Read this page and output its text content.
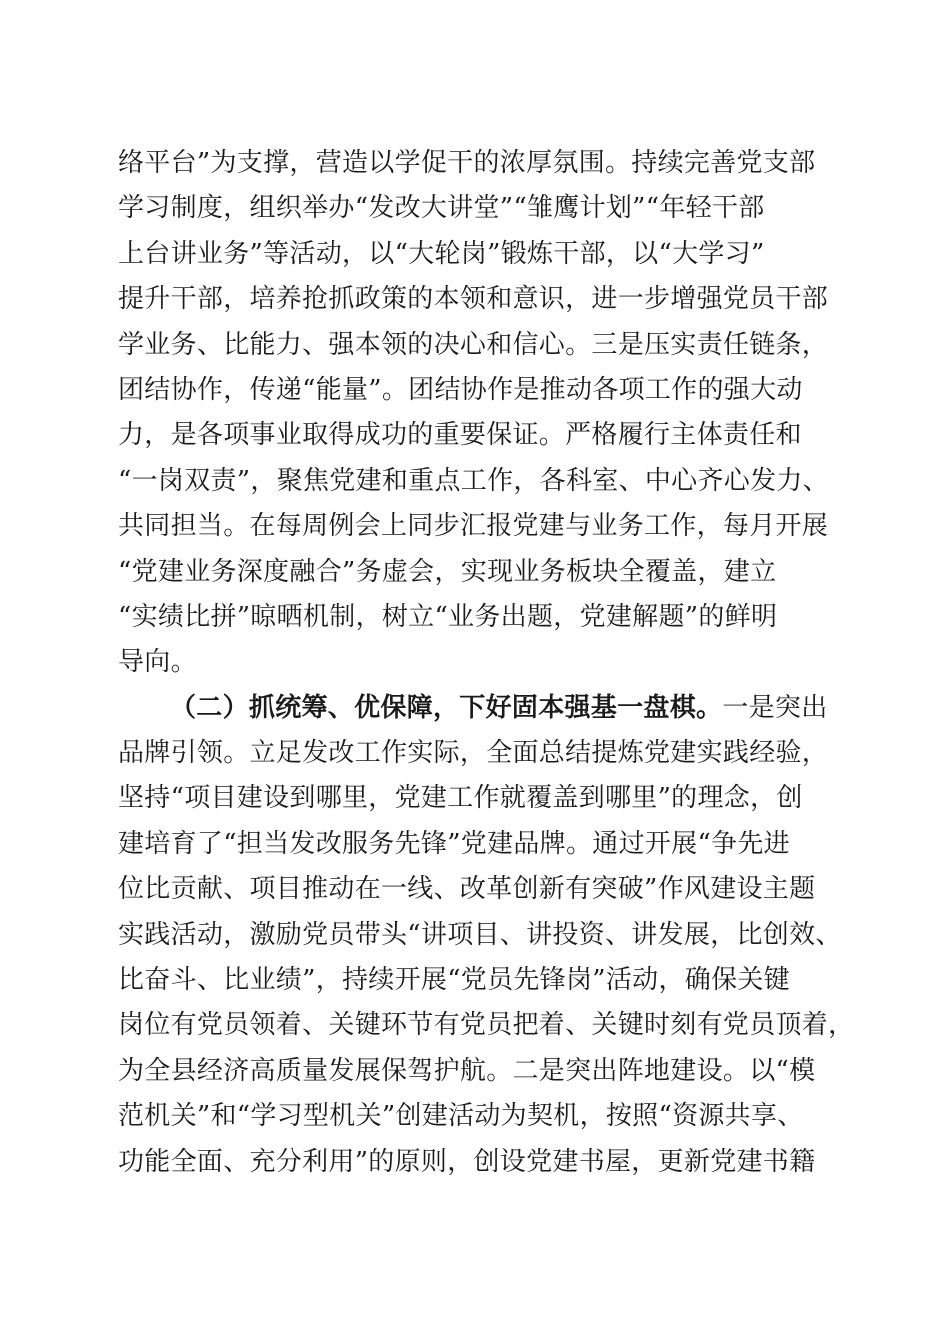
络平台”为支撑，营造以学促干的浓厚氛围。持续完善党支部
学习制度，组织举办“发改大讲堂”“雏鹰计划”“年轻干部
上台讲业务”等活动，以“大轮岗”锻炼干部，以“大学习”
提升干部，培养抢抓政策的本领和意识，进一步增强党员干部
学业务、比能力、强本领的决心和信心。三是压实责任链条，
团结协作，传递“能量”。团结协作是推动各项工作的强大动
力，是各项事业取得成功的重要保证。严格履行主体责任和
“一岗双责”，聚焦党建和重点工作，各科室、中心齐心发力、
共同担当。在每周例会上同步汇报党建与业务工作，每月开展
“党建业务深度融合”务虚会，实现业务板块全覆盖，建立
“实绩比拼”晾晒机制，树立“业务出题，党建解题”的鲜明
导向。
（二）抓统筹、优保障，下好固本强基一盘棋。一是突出
品牌引领。立足发改工作实际，全面总结提炼党建实践经验，
坚持“项目建设到哪里，党建工作就覆盖到哪里”的理念，创
建培育了“担当发改服务先锋”党建品牌。通过开展“争先进
位比贡献、项目推动在一线、改革创新有突破”作风建设主题
实践活动，激励党员带头“讲项目、讲投资、讲发展，比创效、
比奋斗、比业绩”，持续开展“党员先锋岗”活动，确保关键
岗位有党员领着、关键环节有党员把着、关键时刻有党员顶着，
为全县经济高质量发展保驾护航。二是突出阵地建设。以“模
范机关”和“学习型机关”创建活动为契机，按照“资源共享、
功能全面、充分利用”的原则，创设党建书屋，更新党建书籍
